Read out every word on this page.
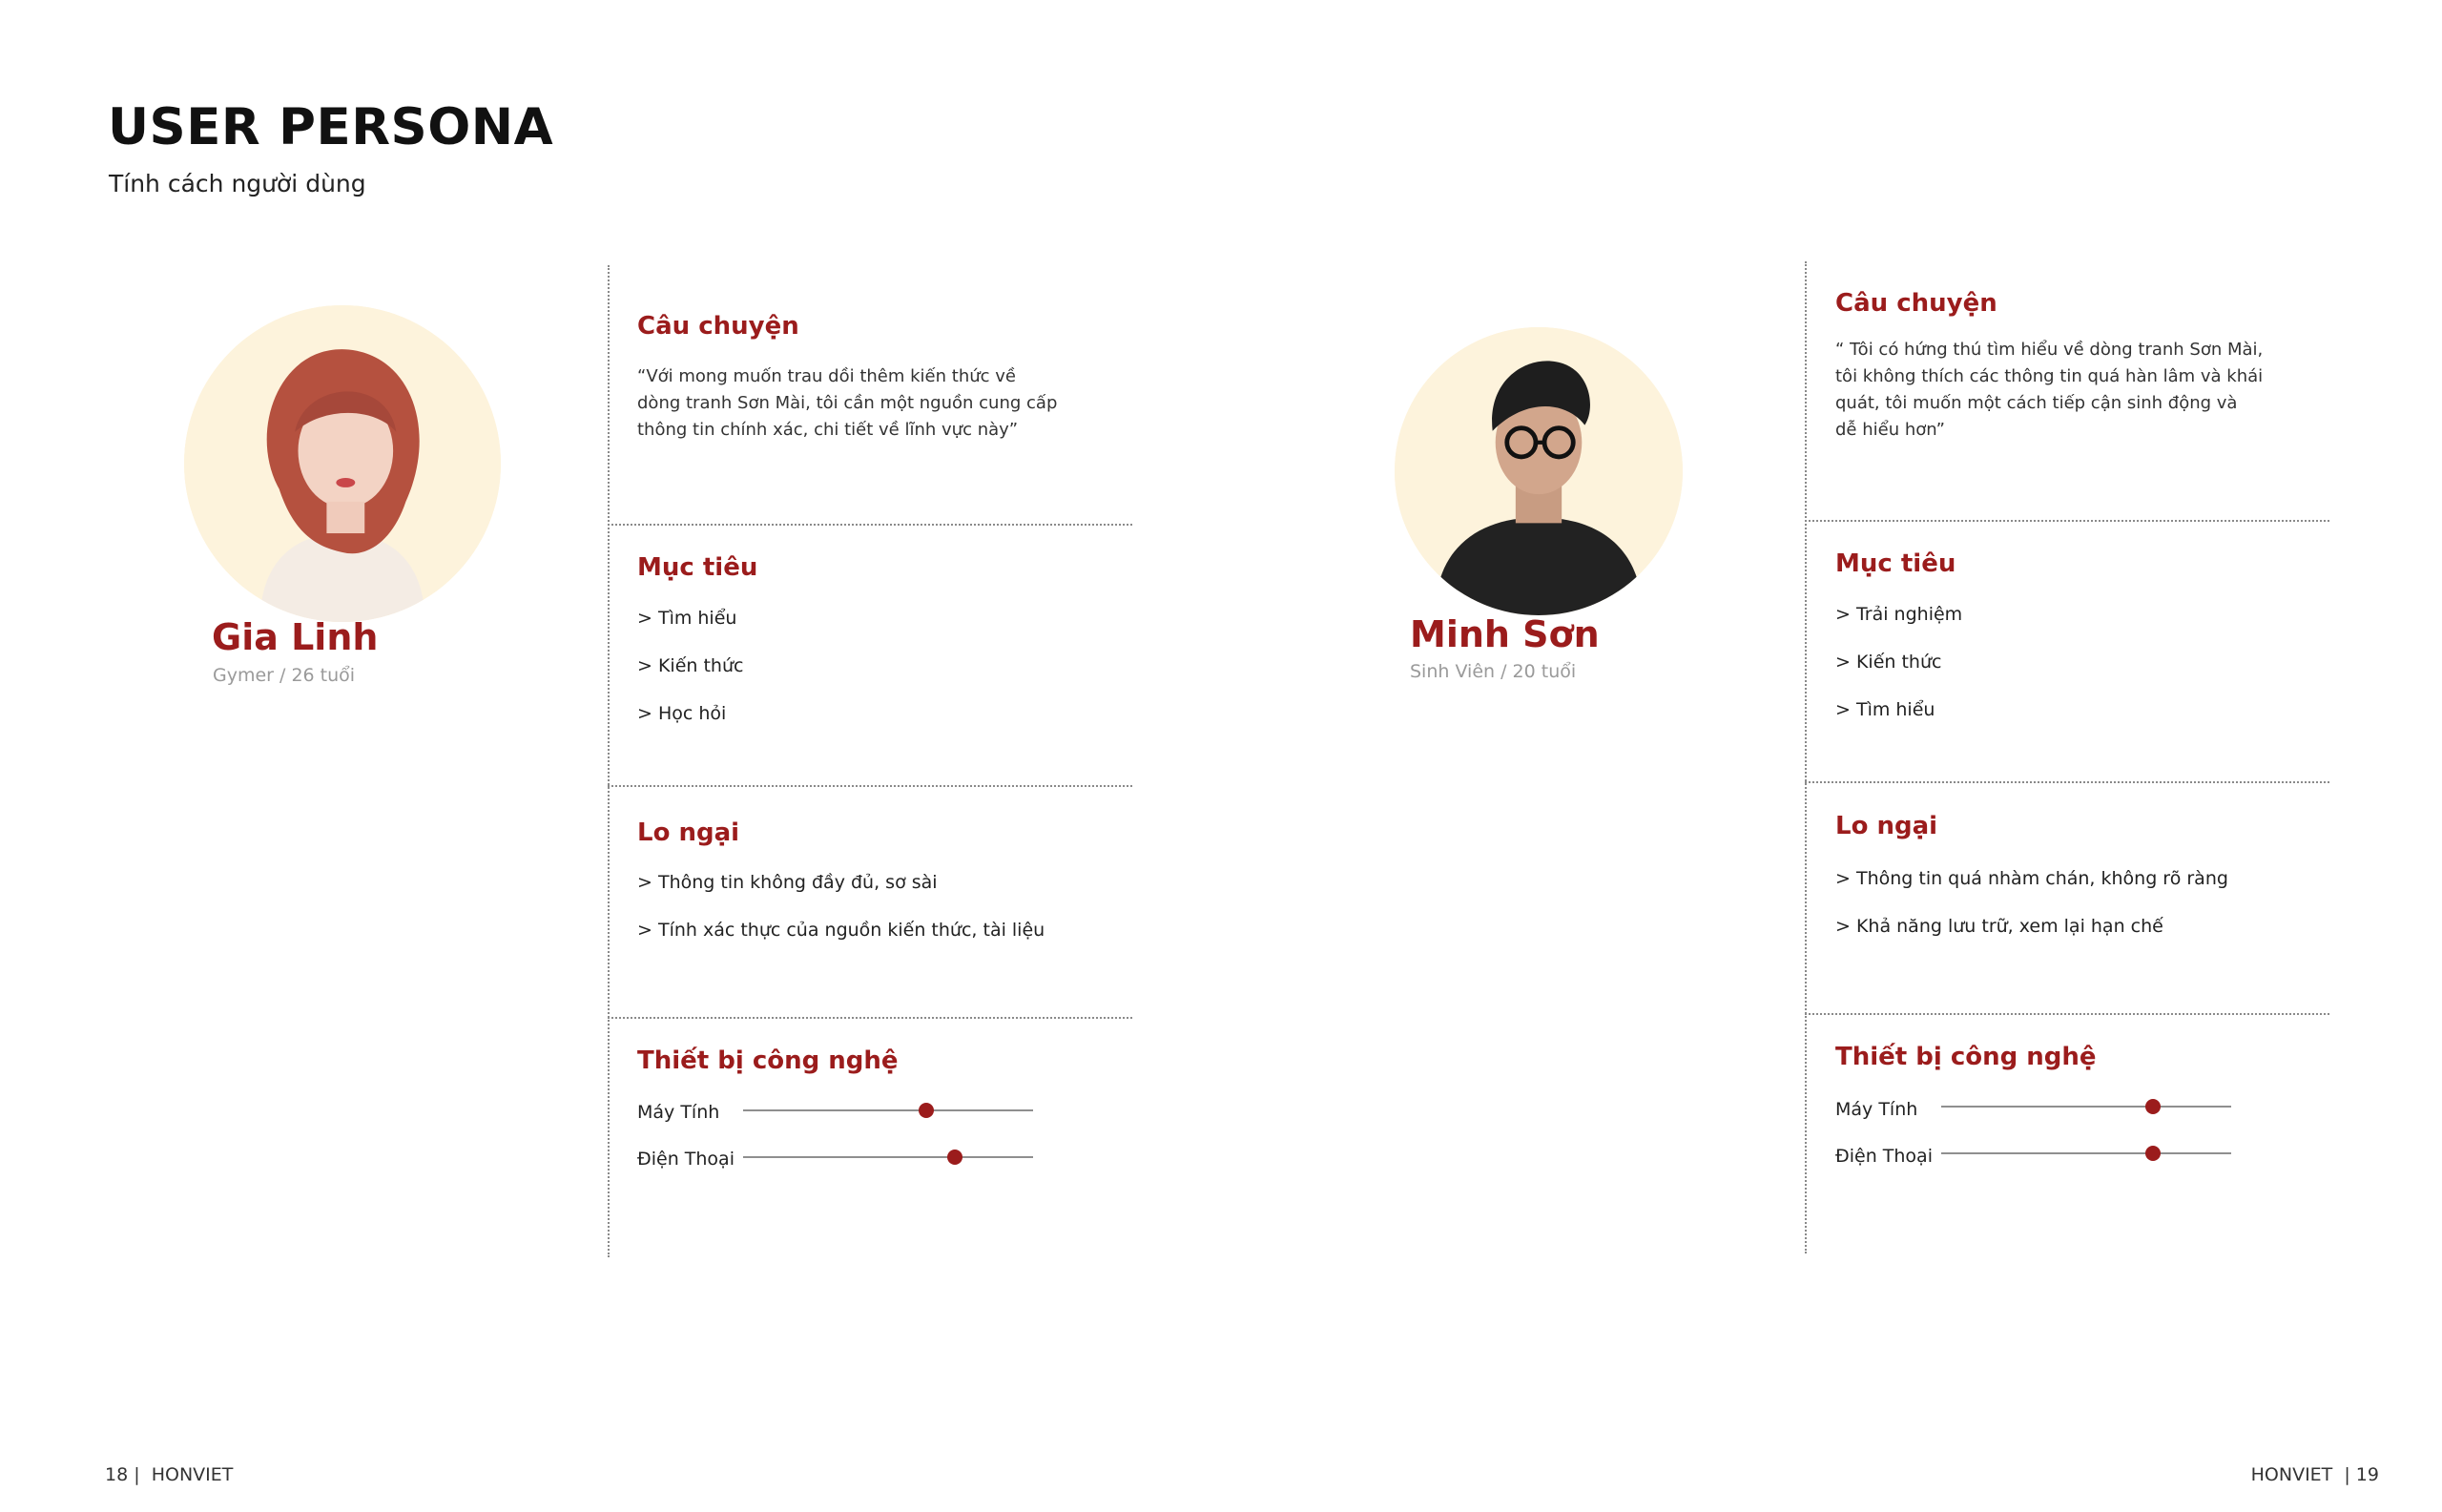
USER PERSONA
Tính cách người dùng
Gia Linh
Gymer / 26 tuổi
Câu chuyện
“Với mong muốn trau dồi thêm kiến thức về
dòng tranh Sơn Mài, tôi cần một nguồn cung cấp
thông tin chính xác, chi tiết về lĩnh vực này”
Mục tiêu
> Tìm hiểu
> Kiến thức
> Học hỏi
Lo ngại
> Thông tin không đầy đủ, sơ sài
> Tính xác thực của nguồn kiến thức, tài liệu
Thiết bị công nghệ
Máy Tính
Điện Thoại
Minh Sơn
Sinh Viên / 20 tuổi
Câu chuyện
“ Tôi có hứng thú tìm hiểu về dòng tranh Sơn Mài,
tôi không thích các thông tin quá hàn lâm và khái
quát, tôi muốn một cách tiếp cận sinh động và
dễ hiểu hơn”
Mục tiêu
> Trải nghiệm
> Kiến thức
> Tìm hiểu
Lo ngại
> Thông tin quá nhàm chán, không rõ ràng
> Khả năng lưu trữ, xem lại hạn chế
Thiết bị công nghệ
Máy Tính
Điện Thoại
18 |  HONVIET	HONVIET  | 19
